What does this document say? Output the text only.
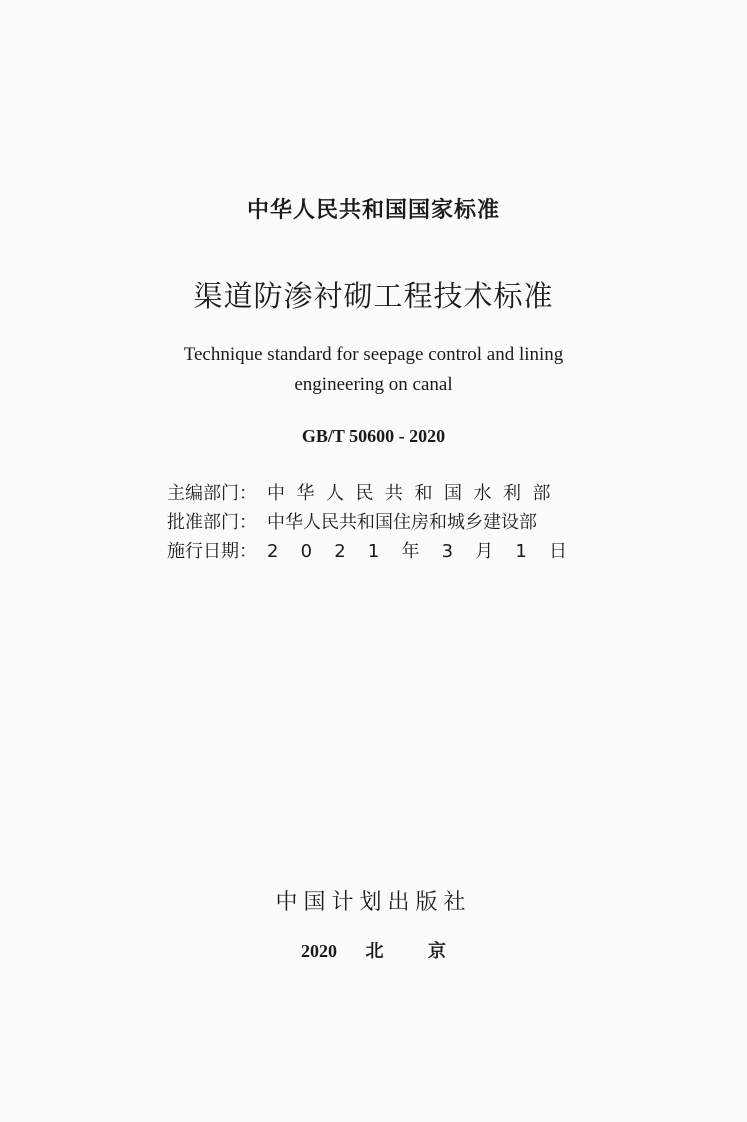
中华人民共和国国家标准
渠道防渗衬砌工程技术标准
Technique standard for seepage control and lining
engineering on canal
GB/T 50600 - 2020
主编部门： 中华人民共和国水利部
批准部门： 中华人民共和国住房和城乡建设部
施行日期： 2 0 2 1 年 3 月 1 日
中国计划出版社
2020 北 京
